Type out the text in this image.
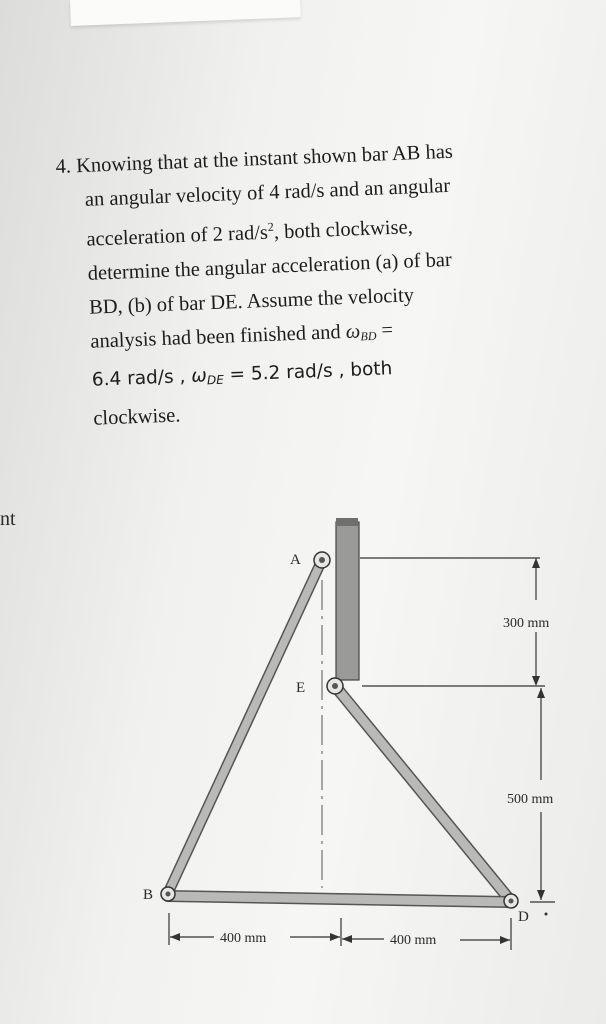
nt
4. Knowing that at the instant shown bar AB has
an angular velocity of 4 rad/s and an angular
acceleration of 2 rad/$s^2$, both clockwise,
determine the angular acceleration (a) of bar
BD, (b) of bar DE. Assume the velocity
analysis had been finished and $\omega_{BD}$ =
6.4 rad/s , $\omega_{DE} = 5.2$ rad/s , both
clockwise.
A
E
B
D
300 mm
500 mm
400 mm	400 mm
